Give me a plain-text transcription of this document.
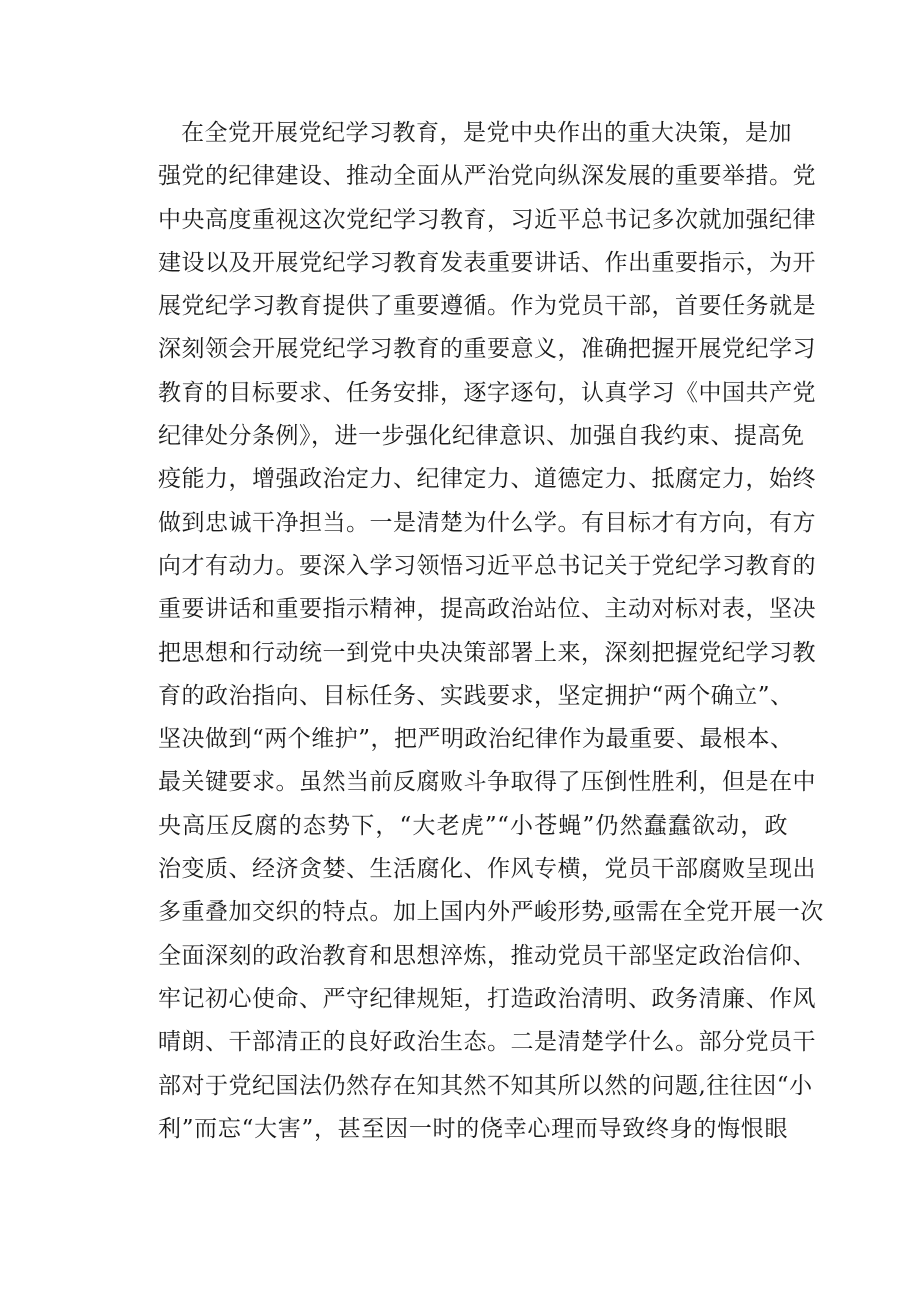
在全党开展党纪学习教育，是党中央作出的重大决策，是加
强党的纪律建设、推动全面从严治党向纵深发展的重要举措。党
中央高度重视这次党纪学习教育，习近平总书记多次就加强纪律
建设以及开展党纪学习教育发表重要讲话、作出重要指示，为开
展党纪学习教育提供了重要遵循。作为党员干部，首要任务就是
深刻领会开展党纪学习教育的重要意义，准确把握开展党纪学习
教育的目标要求、任务安排，逐字逐句，认真学习《中国共产党
纪律处分条例》，进一步强化纪律意识、加强自我约束、提高免
疫能力，增强政治定力、纪律定力、道德定力、抵腐定力，始终
做到忠诚干净担当。一是清楚为什么学。有目标才有方向，有方
向才有动力。要深入学习领悟习近平总书记关于党纪学习教育的
重要讲话和重要指示精神，提高政治站位、主动对标对表，坚决
把思想和行动统一到党中央决策部署上来，深刻把握党纪学习教
育的政治指向、目标任务、实践要求，坚定拥护“两个确立”、
坚决做到“两个维护”，把严明政治纪律作为最重要、最根本、
最关键要求。虽然当前反腐败斗争取得了压倒性胜利，但是在中
央高压反腐的态势下，“大老虎”“小苍蝇”仍然蠢蠢欲动，政
治变质、经济贪婪、生活腐化、作风专横，党员干部腐败呈现出
多重叠加交织的特点。加上国内外严峻形势,亟需在全党开展一次
全面深刻的政治教育和思想淬炼，推动党员干部坚定政治信仰、
牢记初心使命、严守纪律规矩，打造政治清明、政务清廉、作风
晴朗、干部清正的良好政治生态。二是清楚学什么。部分党员干
部对于党纪国法仍然存在知其然不知其所以然的问题,往往因“小
利”而忘“大害”，甚至因一时的侥幸心理而导致终身的悔恨眼
